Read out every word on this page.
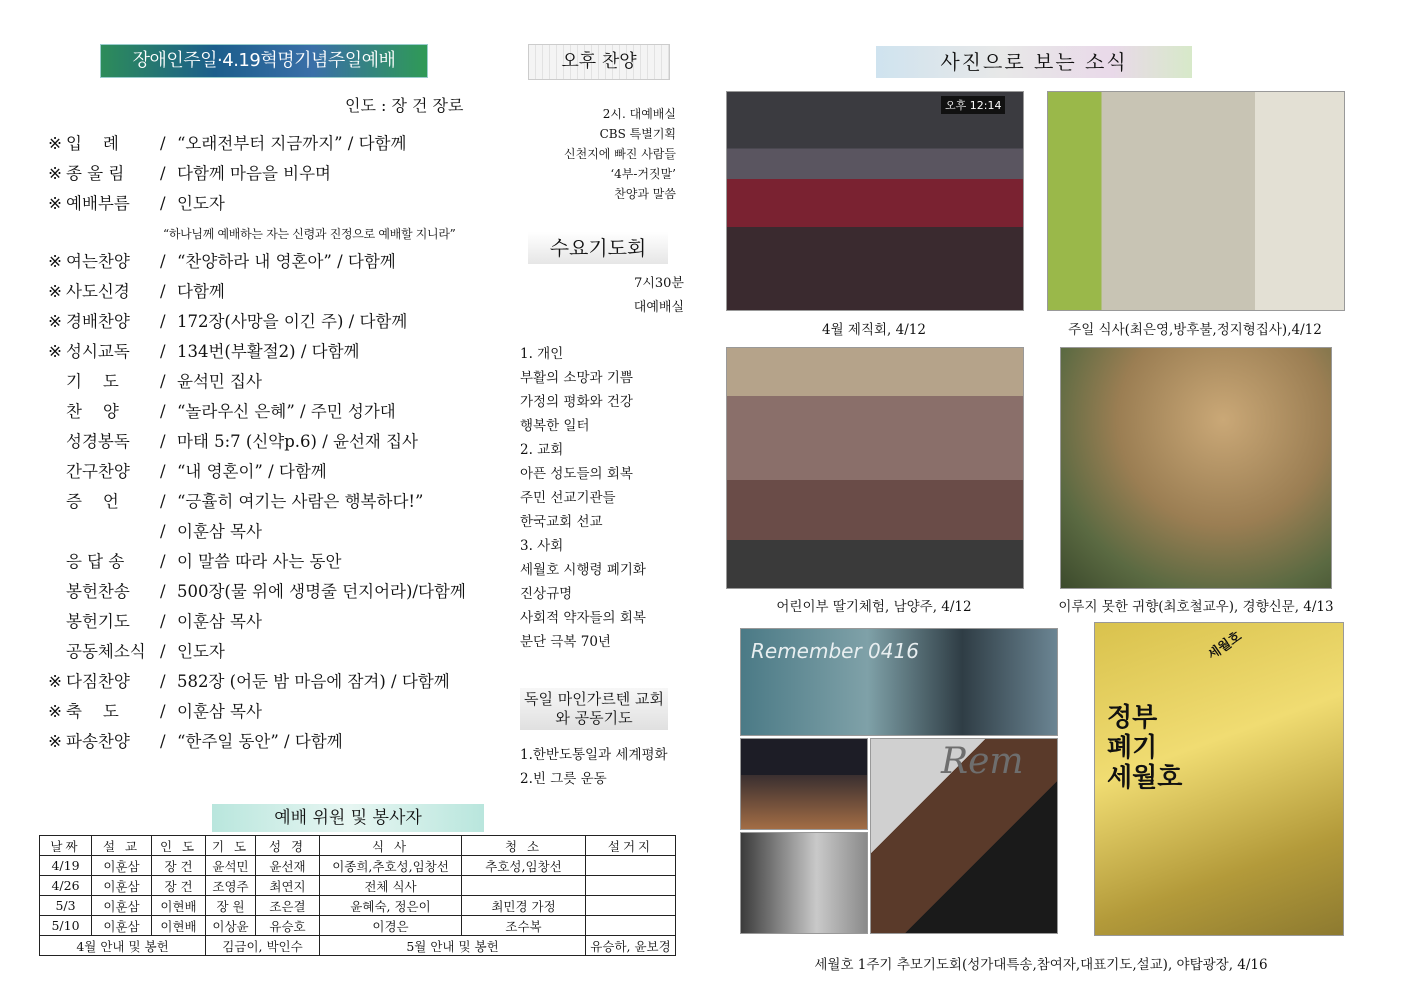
장애인주일·4.19혁명기념주일예배
인도 : 장 건 장로
※ 입    례	/ “오래전부터 지금까지” / 다함께
※ 종 울 림	/ 다함께 마음을 비우며
※ 예배부름	/ 인도자
※ 여는찬양	/ “찬양하라 내 영혼아” / 다함께
※ 사도신경	/ 다함께
※ 경배찬양	/ 172장(사망을 이긴 주) / 다함께
※ 성시교독	/ 134번(부활절2) / 다함께
기    도	/ 윤석민 집사
찬    양	/ “놀라우신 은혜” / 주민 성가대
성경봉독	/ 마태 5:7 (신약p.6) / 윤선재 집사
간구찬양	/ “내 영혼이” / 다함께
증    언	/ “긍휼히 여기는 사람은 행복하다!”
/ 이훈삼 목사
응 답 송	/ 이 말씀 따라 사는 동안
봉헌찬송	/ 500장(물 위에 생명줄 던지어라)/다함께
봉헌기도	/ 이훈삼 목사
공동체소식 / 인도자
※ 다짐찬양	/ 582장 (어둔 밤 마음에 잠겨) / 다함께
※ 축    도	/ 이훈삼 목사
※ 파송찬양	/ “한주일 동안” / 다함께
“하나님께 예배하는 자는 신령과 진정으로 예배할 지니라”
예배 위원 및 봉사자
날짜	설 교	인 도	기 도	성 경	식 사	청 소	설거지
4/19	이훈삼	장 건	윤석민	윤선재	이종희,추호성,임창선	추호성,임창선	
4/26	이훈삼	장 건	조영주	최연지	전체 식사		
5/3	이훈삼	이현배	장 원	조은결	윤혜숙, 정은이	최민경 가정	
5/10	이훈삼	이현배	이상윤	유승호	이경은	조수복	
4월 안내 및 봉헌			김금이, 박인수		5월 안내 및 봉헌		유승하, 윤보경
오후 찬양
2시. 대예배실
CBS 특별기획
신천지에 빠진 사람들
‘4부-거짓말’
찬양과 말씀
수요기도회
7시30분
대예배실
1. 개인
부활의 소망과 기쁨
가정의 평화와 건강
행복한 일터
2. 교회
아픈 성도들의 회복
주민 선교기관들
한국교회 선교
3. 사회
세월호 시행령 폐기화
진상규명
사회적 약자들의 회복
분단 극복 70년
독일 마인가르텐 교회와 공동기도
1.한반도통일과 세계평화
2.빈 그릇 운동
사진으로 보는 소식
오후 12:14
4월 제직회, 4/12	주일 식사(최은영,방후불,정지형집사),4/12
어린이부 딸기체험, 남양주, 4/12	이루지 못한 귀향(최호철교우), 경향신문, 4/13
Remember 0416
Rem
세월호
정부 폐기 세월호
세월호 1주기 추모기도회(성가대특송,참여자,대표기도,설교), 야탑광장, 4/16
